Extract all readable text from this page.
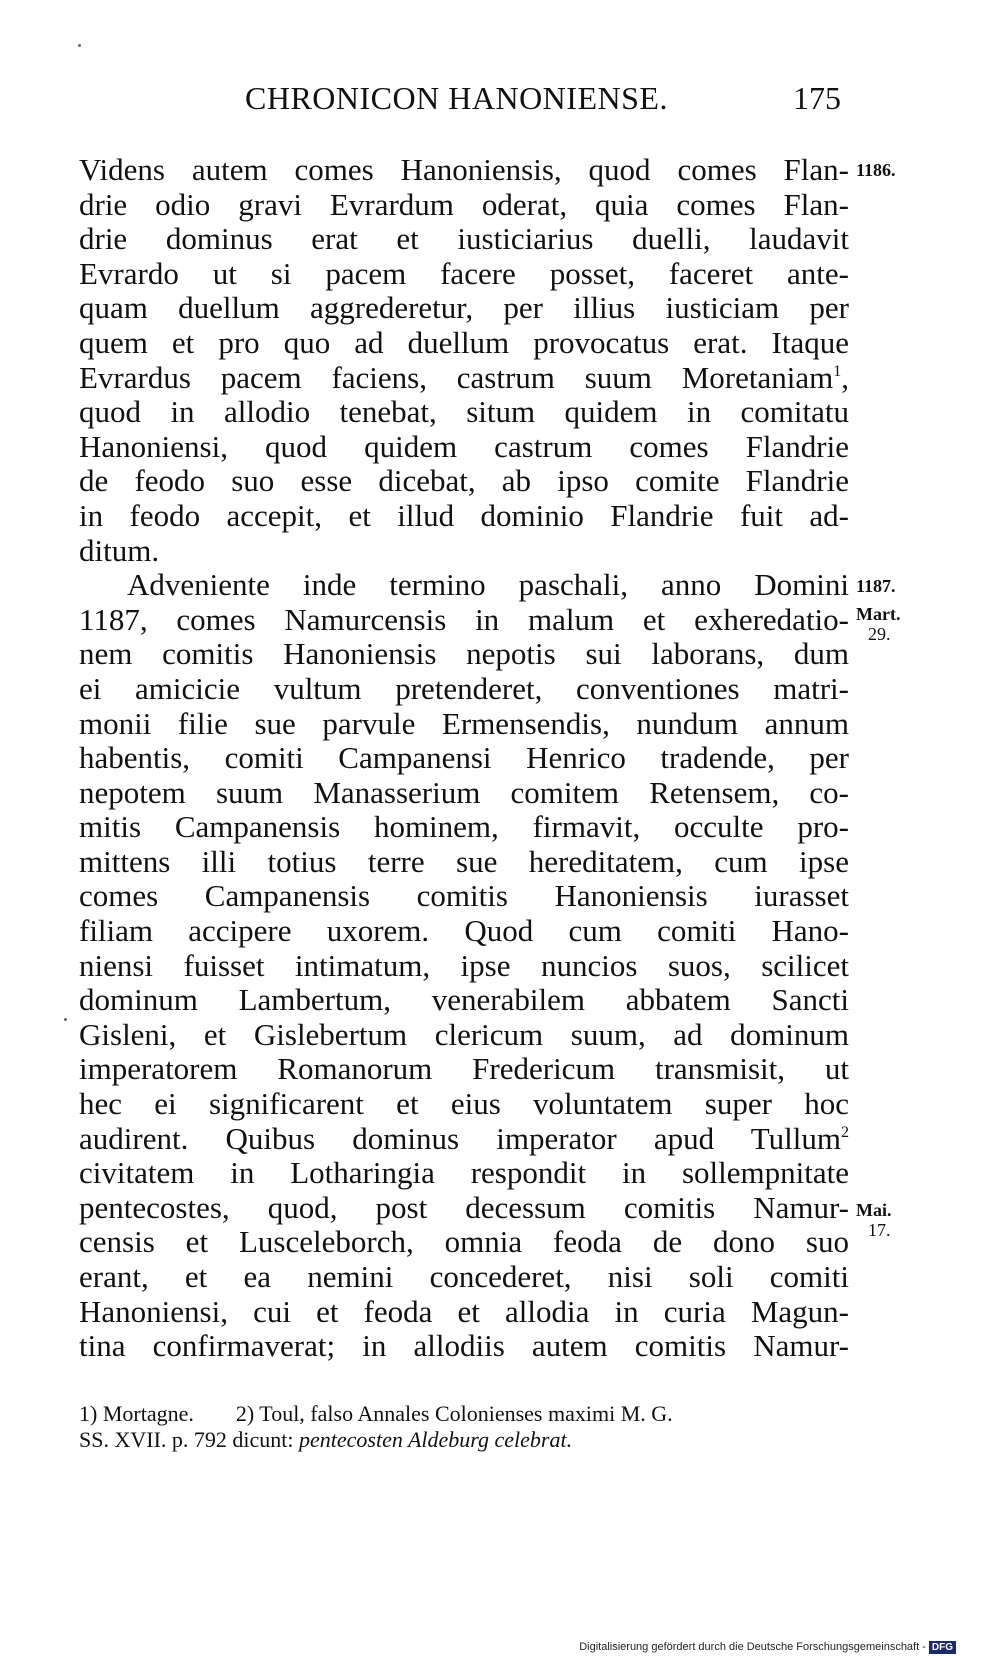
CHRONICON HANONIENSE.	175
Videns autem comes Hanoniensis, quod comes Flan-
drie odio gravi Evrardum oderat, quia comes Flan-
drie dominus erat et iusticiarius duelli, laudavit
Evrardo ut si pacem facere posset, faceret ante-
quam duellum aggrederetur, per illius iusticiam per
quem et pro quo ad duellum provocatus erat. Itaque
Evrardus pacem faciens, castrum suum Moretaniam$^1$,
quod in allodio tenebat, situm quidem in comitatu
Hanoniensi, quod quidem castrum comes Flandrie
de feodo suo esse dicebat, ab ipso comite Flandrie
in feodo accepit, et illud dominio Flandrie fuit ad-
ditum.
Adveniente inde termino paschali, anno Domini
1187, comes Namurcensis in malum et exheredatio-
nem comitis Hanoniensis nepotis sui laborans, dum
ei amicicie vultum pretenderet, conventiones matri-
monii filie sue parvule Ermensendis, nundum annum
habentis, comiti Campanensi Henrico tradende, per
nepotem suum Manasserium comitem Retensem, co-
mitis Campanensis hominem, firmavit, occulte pro-
mittens illi totius terre sue hereditatem, cum ipse
comes Campanensis comitis Hanoniensis iurasset
filiam accipere uxorem. Quod cum comiti Hano-
niensi fuisset intimatum, ipse nuncios suos, scilicet
dominum Lambertum, venerabilem abbatem Sancti
Gisleni, et Gislebertum clericum suum, ad dominum
imperatorem Romanorum Fredericum transmisit, ut
hec ei significarent et eius voluntatem super hoc
audirent. Quibus dominus imperator apud Tullum$^2$
civitatem in Lotharingia respondit in sollempnitate
pentecostes, quod, post decessum comitis Namur-
censis et Lusceleborch, omnia feoda de dono suo
erant, et ea nemini concederet, nisi soli comiti
Hanoniensi, cui et feoda et allodia in curia Magun-
tina confirmaverat; in allodiis autem comitis Namur-
1186.
1187.
Mart.
29.
Mai.
17.
1) Mortagne. 2) Toul, falso Annales Colonienses maximi M. G.
SS. XVII. p. 792 dicunt: pentecosten Aldeburg celebrat.
Digitalisierung gefördert durch die Deutsche Forschungsgemeinschaft - DFG
